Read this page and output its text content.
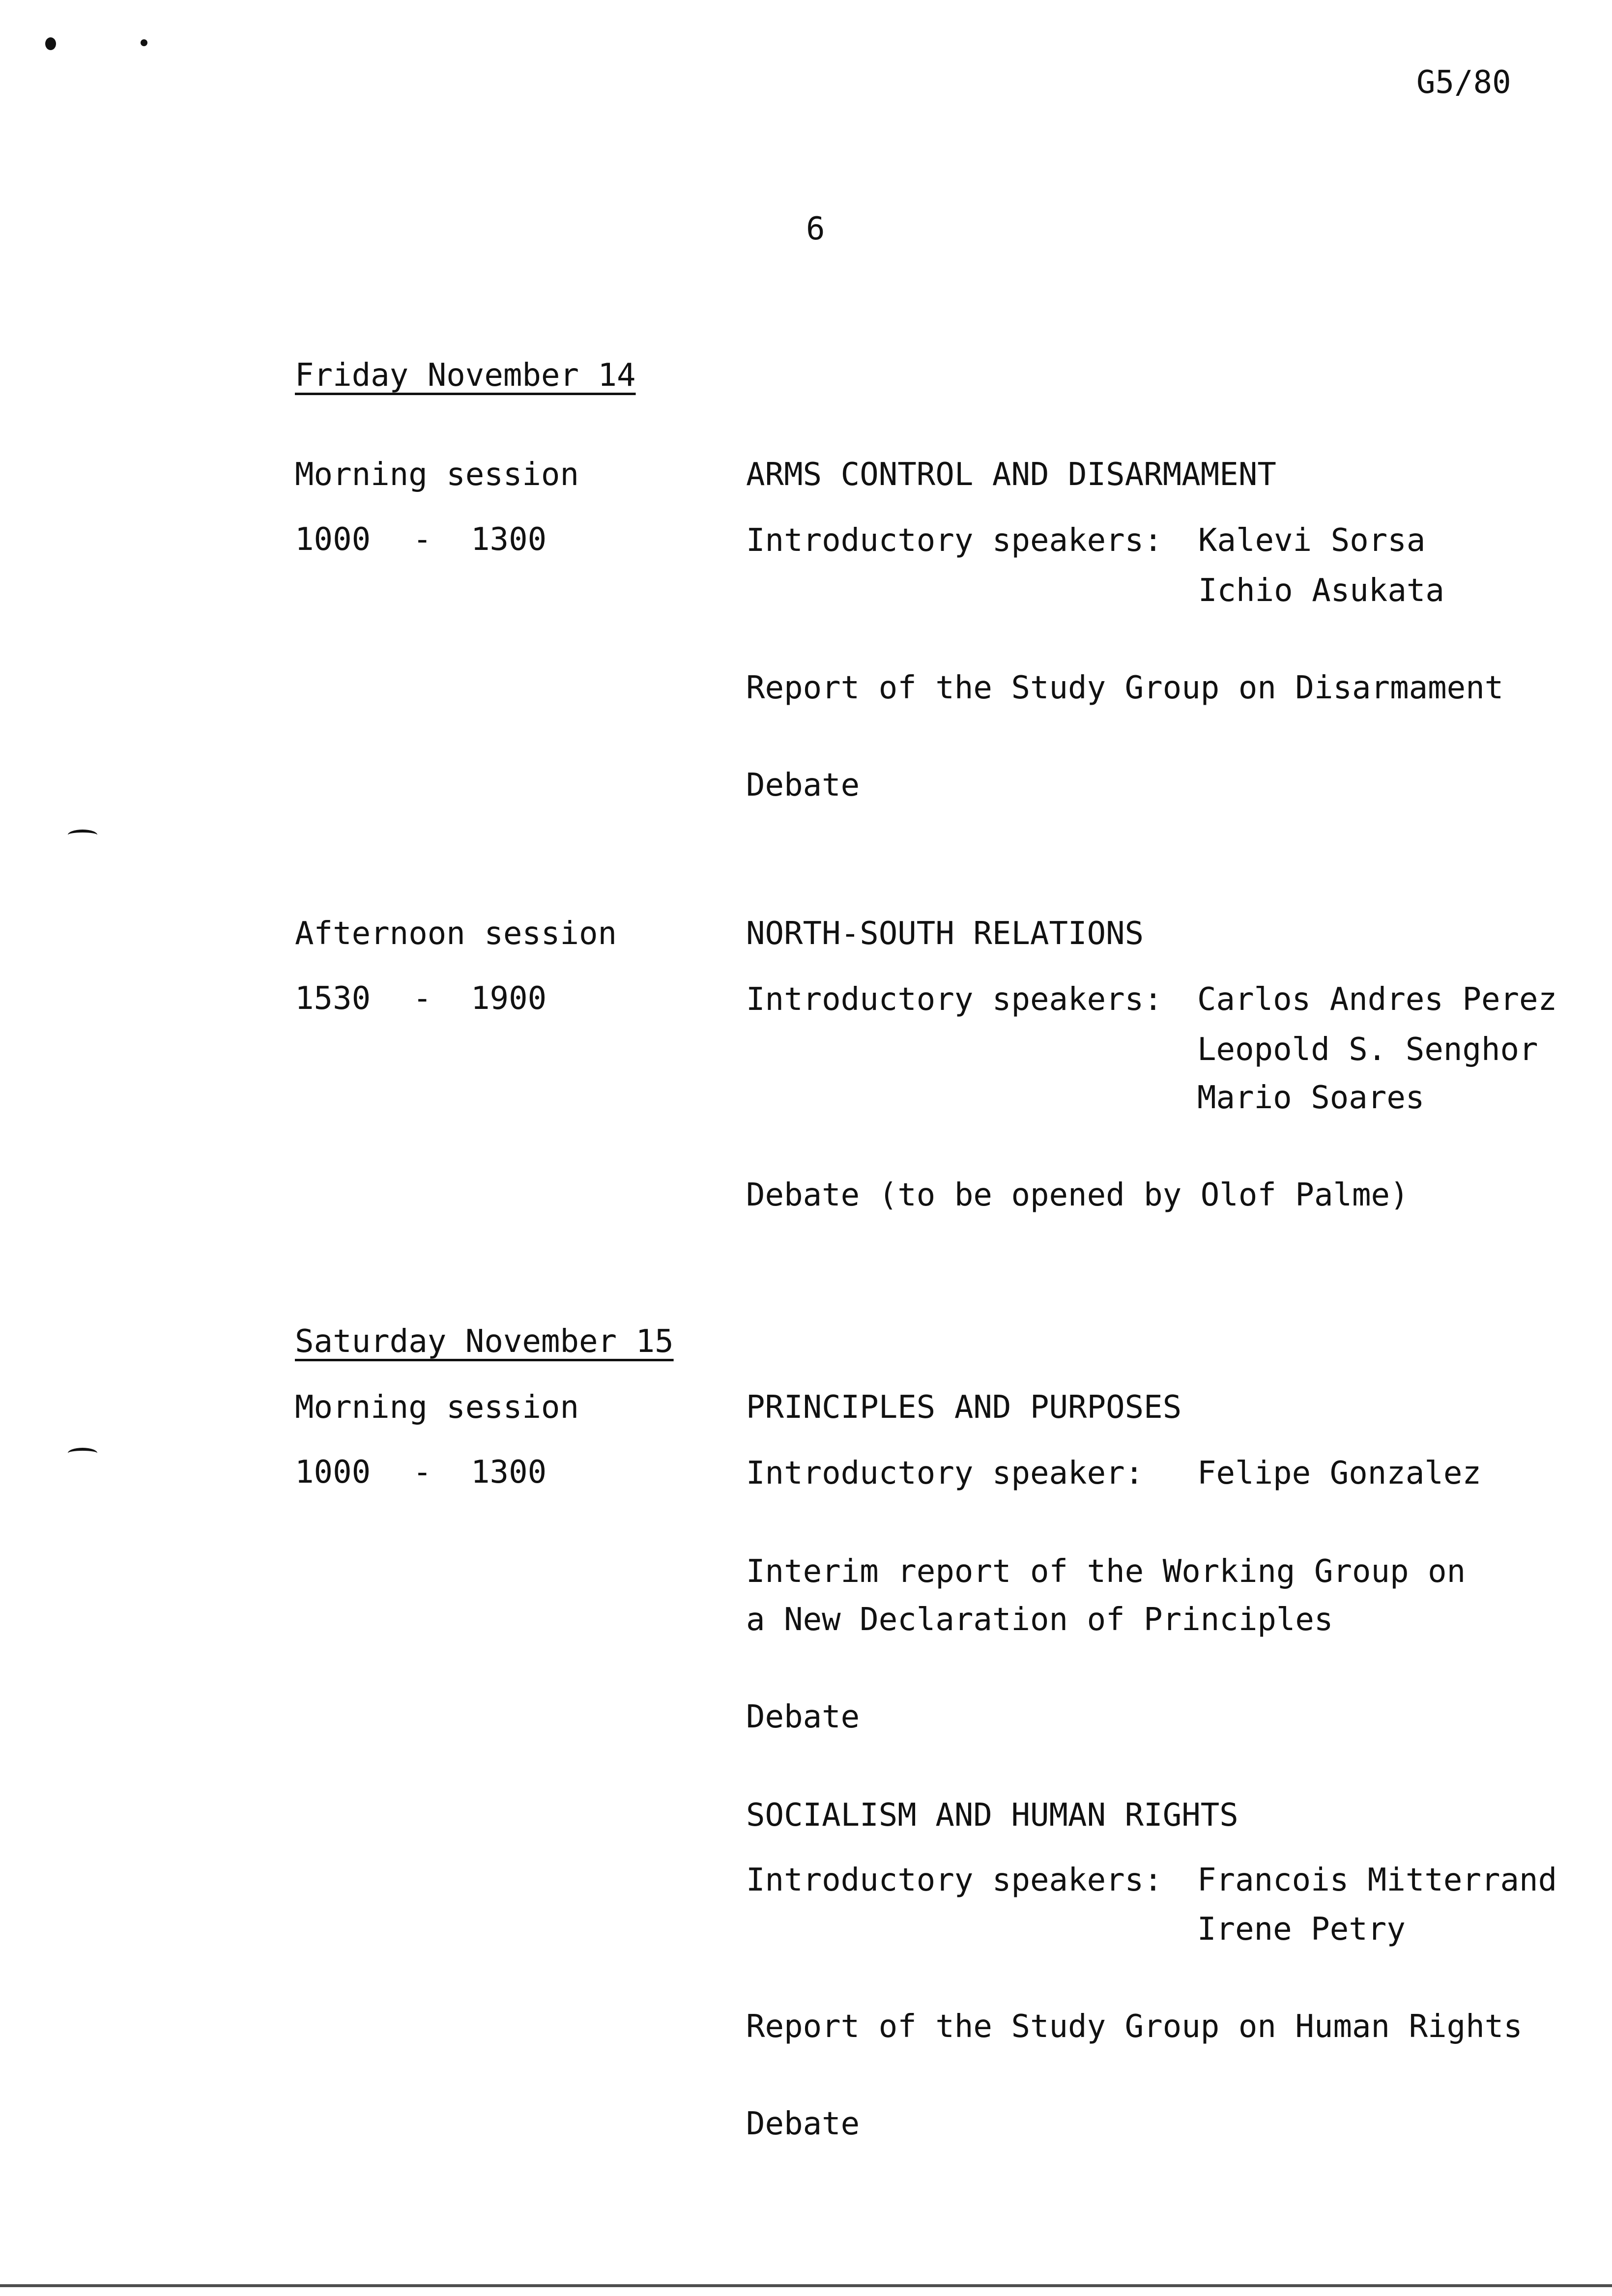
G5/80
6
Friday November 14
Morning session
1000 - 1300
ARMS CONTROL AND DISARMAMENT
Introductory speakers: Kalevi Sorsa
Ichio Asukata
Report of the Study Group on Disarmament
Debate
Afternoon session
1530 - 1900
NORTH-SOUTH RELATIONS
Introductory speakers: Carlos Andres Perez
Leopold S. Senghor
Mario Soares
Debate (to be opened by Olof Palme)
Saturday November 15
Morning session
1000 - 1300
PRINCIPLES AND PURPOSES
Introductory speaker: Felipe Gonzalez
Interim report of the Working Group on
a New Declaration of Principles
Debate
SOCIALISM AND HUMAN RIGHTS
Introductory speakers: Francois Mitterrand
Irene Petry
Report of the Study Group on Human Rights
Debate
